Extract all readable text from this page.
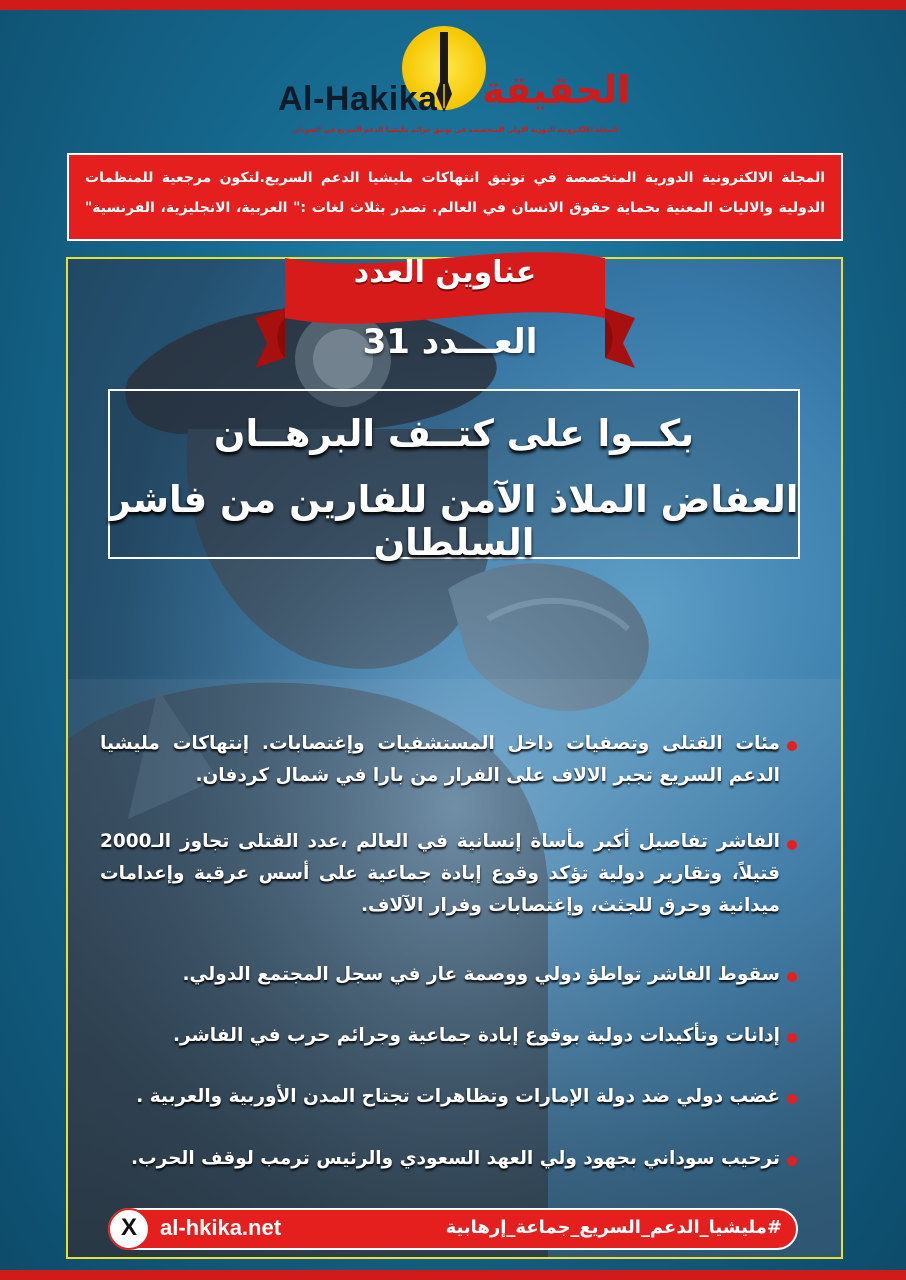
Al-Hakika	الحقيقة
المجلة الالكترونية الدورية الأولى المتخصصة في توثيق جرائم مليشيا الدعم السريع في السودان

المجلة الالكترونية الدورية المتخصصة في توثيق انتهاكات مليشيا الدعم السريع.لتكون مرجعية للمنظمات

الدولية والاليات المعنية بحماية حقوق الانسان في العالم. تصدر بثلاث لغات :" العربية، الانجليزية، الفرنسية"

عناوين العدد
العـــدد 31
بكــوا على كتــف البرهــان
العفاض الملاذ الآمن للفارين من فاشر السلطان
مئات القتلى وتصفيات داخل المستشفيات وإغتصابات. إنتهاكات مليشيا الدعم السريع تجبر الالاف على الفرار من بارا في شمال كردفان.
الفاشر تفاصيل أكبر مأساة إنسانية في العالم ،عدد القتلى تجاوز الـ2000 قتيلاً، وتقارير دولية تؤكد وقوع إبادة جماعية على أسس عرقية وإعدامات ميدانية وحرق للجثث، وإغتصابات وفرار الآلاف.
سقوط الفاشر تواطؤ دولي ووصمة عار في سجل المجتمع الدولي.
إدانات وتأكيدات دولية بوقوع إبادة جماعية وجرائم حرب في الفاشر.
غضب دولي ضد دولة الإمارات وتظاهرات تجتاح المدن الأوربية والعربية .
ترحيب سوداني بجهود ولي العهد السعودي والرئيس ترمب لوقف الحرب.
X	al-hkika.net	#مليشيا_الدعم_السريع_جماعة_إرهابية
